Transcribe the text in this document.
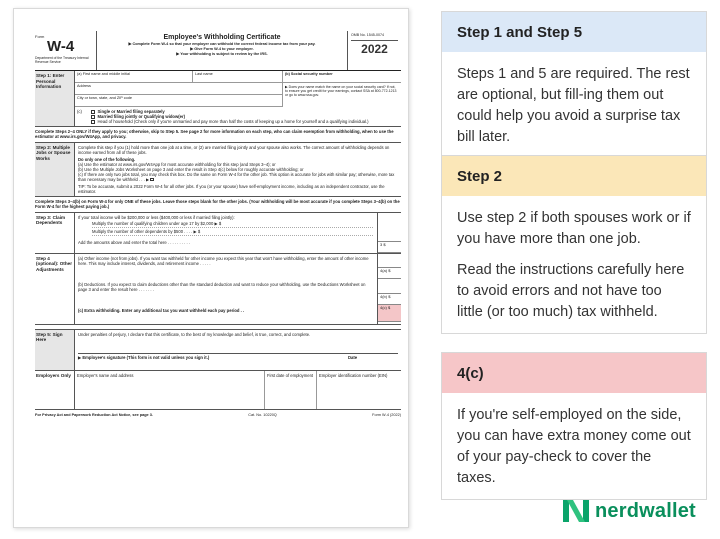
Form
W-4
Department of the Treasury Internal Revenue Service
Employee's Withholding Certificate
▶ Complete Form W-4 so that your employer can withhold the correct federal income tax from your pay.
▶ Give Form W-4 to your employer.
▶ Your withholding is subject to review by the IRS.
OMB No. 1545-0074
2022
Step 1: Enter Personal Information
(a) First name and middle initial	Last name	(b) Social security number
Address
City or town, state, and ZIP code
▶ Does your name match the name on your social security card? If not, to ensure you get credit for your earnings, contact SSA at 800-772-1213 or go to www.ssa.gov.
(c)	Single or Married filing separately
Married filing jointly or Qualifying widow(er)
Head of household (Check only if you're unmarried and pay more than half the costs of keeping up a home for yourself and a qualifying individual.)
Complete Steps 2–4 ONLY if they apply to you; otherwise, skip to Step 5. See page 2 for more information on each step, who can claim exemption from withholding, when to use the estimator at www.irs.gov/W4App, and privacy.
Step 2: Multiple Jobs or Spouse Works
Complete this step if you (1) hold more than one job at a time, or (2) are married filing jointly and your spouse also works. The correct amount of withholding depends on income earned from all of these jobs.
Do only one of the following.
(a) Use the estimator at www.irs.gov/W4App for most accurate withholding for this step (and Steps 3–4); or
(b) Use the Multiple Jobs Worksheet on page 3 and enter the result in Step 4(c) below for roughly accurate withholding; or
(c) If there are only two jobs total, you may check this box. Do the same on Form W-4 for the other job. This option is accurate for jobs with similar pay; otherwise, more tax than necessary may be withheld . . . ▶
TIP: To be accurate, submit a 2022 Form W-4 for all other jobs. If you (or your spouse) have self-employment income, including as an independent contractor, use the estimator.
Complete Steps 3–4(b) on Form W-4 for only ONE of these jobs. Leave those steps blank for the other jobs. (Your withholding will be most accurate if you complete Steps 3–4(b) on the Form W-4 for the highest paying job.)
Step 3: Claim Dependents
If your total income will be $200,000 or less ($400,000 or less if married filing jointly):
Multiply the number of qualifying children under age 17 by $2,000 ▶ $
Multiply the number of other dependents by $500 . . . . ▶ $
Add the amounts above and enter the total here . . . . . . . . . .	3 $
Step 4 (optional): Other Adjustments
(a) Other income (not from jobs). If you want tax withheld for other income you expect this year that won't have withholding, enter the amount of other income here. This may include interest, dividends, and retirement income . . . . .
(b) Deductions. If you expect to claim deductions other than the standard deduction and want to reduce your withholding, use the Deductions Worksheet on page 3 and enter the result here . . . . . . .
(c) Extra withholding. Enter any additional tax you want withheld each pay period . .
4(a) $
4(b) $
4(c) $
Step 5: Sign Here
Under penalties of perjury, I declare that this certificate, to the best of my knowledge and belief, is true, correct, and complete.
▶ Employee's signature (This form is not valid unless you sign it.)	Date
Employers Only	Employer's name and address	First date of employment	Employer identification number (EIN)
For Privacy Act and Paperwork Reduction Act Notice, see page 3.	Cat. No. 10220Q	Form W-4 (2022)
Step 1 and Step 5

Steps 1 and 5 are required. The rest are optional, but fill-ing them out could help you avoid a surprise tax bill later.

Step 2

Use step 2 if both spouses work or if you have more than one job.

Read the instructions carefully here to avoid errors and not have too little (or too much) tax withheld.

4(c)

If you're self-employed on the side, you can have extra money come out of your pay-check to cover the taxes.

nerdwallet
